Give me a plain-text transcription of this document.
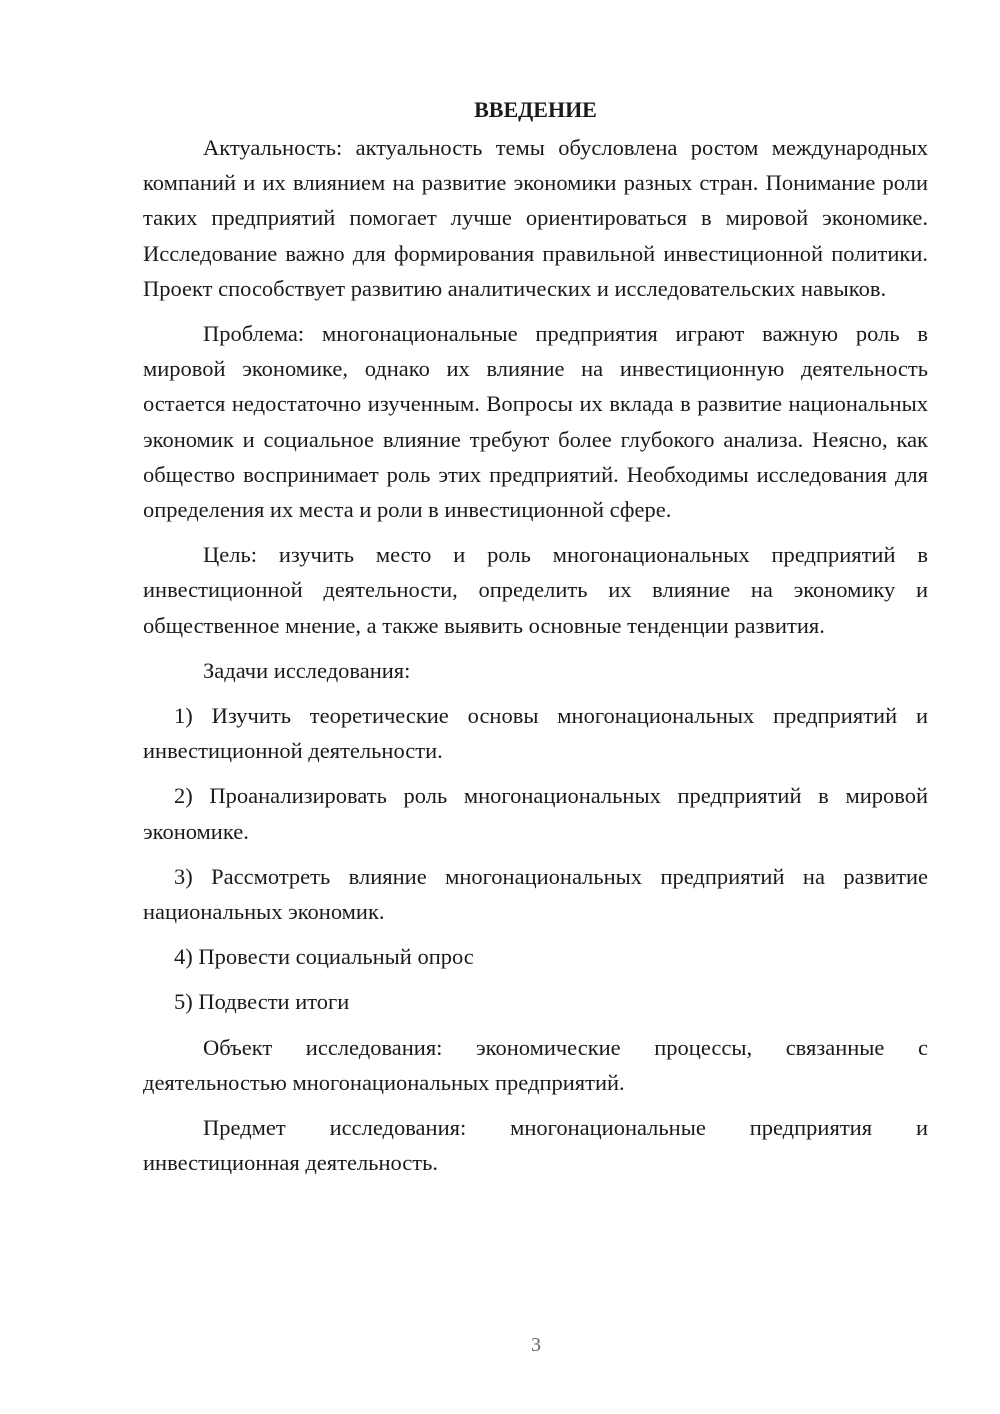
ВВЕДЕНИЕ

Актуальность: актуальность темы обусловлена ростом международных компаний и их влиянием на развитие экономики разных стран. Понимание роли таких предприятий помогает лучше ориентироваться в мировой экономике. Исследование важно для формирования правильной инвестиционной политики. Проект способствует развитию аналитических и исследовательских навыков.

Проблема: многонациональные предприятия играют важную роль в мировой экономике, однако их влияние на инвестиционную деятельность остается недостаточно изученным. Вопросы их вклада в развитие национальных экономик и социальное влияние требуют более глубокого анализа. Неясно, как общество воспринимает роль этих предприятий. Необходимы исследования для определения их места и роли в инвестиционной сфере.

Цель: изучить место и роль многонациональных предприятий в инвестиционной деятельности, определить их влияние на экономику и общественное мнение, а также выявить основные тенденции развития.

Задачи исследования:

1) Изучить теоретические основы многонациональных предприятий и инвестиционной деятельности.

2) Проанализировать роль многонациональных предприятий в мировой экономике.

3) Рассмотреть влияние многонациональных предприятий на развитие национальных экономик.

4) Провести социальный опрос

5) Подвести итоги

Объект исследования: экономические процессы, связанные с деятельностью многонациональных предприятий.

Предмет исследования: многонациональные предприятия и инвестиционная деятельность.

3
